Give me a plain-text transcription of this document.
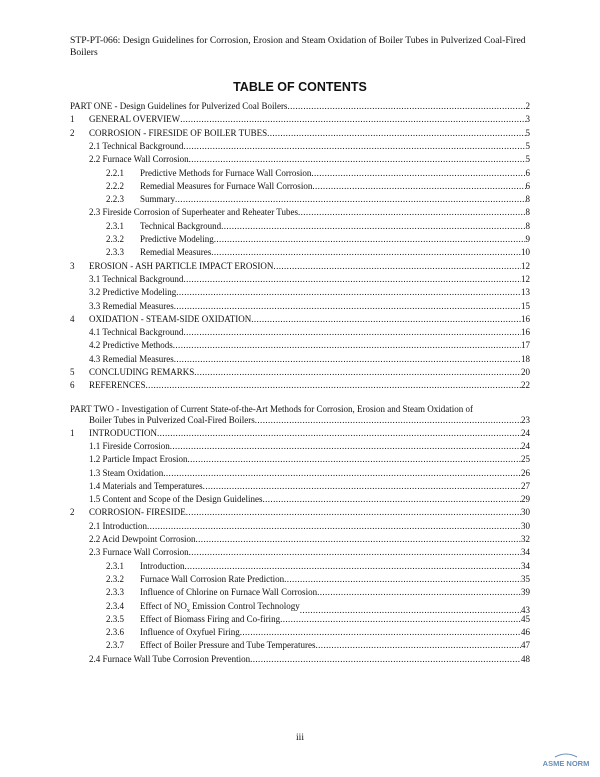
STP-PT-066: Design Guidelines for Corrosion, Erosion and Steam Oxidation of Boiler Tubes in Pulverized Coal-Fired Boilers
TABLE OF CONTENTS
PART ONE - Design Guidelines for Pulverized Coal Boilers .....	2
1 GENERAL OVERVIEW .....	3
2 CORROSION - FIRESIDE OF BOILER TUBES .....	5
2.1 Technical Background .....	5
2.2 Furnace Wall Corrosion .....	5
2.2.1 Predictive Methods for Furnace Wall Corrosion .....	6
2.2.2 Remedial Measures for Furnace Wall Corrosion .....	6
2.2.3 Summary .....	8
2.3 Fireside Corrosion of Superheater and Reheater Tubes .....	8
2.3.1 Technical Background .....	8
2.3.2 Predictive Modeling .....	9
2.3.3 Remedial Measures .....	10
3 EROSION - ASH PARTICLE IMPACT EROSION .....	12
3.1 Technical Background .....	12
3.2 Predictive Modeling .....	13
3.3 Remedial Measures .....	15
4 OXIDATION - STEAM-SIDE OXIDATION .....	16
4.1 Technical Background .....	16
4.2 Predictive Methods .....	17
4.3 Remedial Measures .....	18
5 CONCLUDING REMARKS .....	20
6 REFERENCES .....	22
PART TWO - Investigation of Current State-of-the-Art Methods for Corrosion, Erosion and Steam Oxidation of
Boiler Tubes in Pulverized Coal-Fired Boilers .....	23
1 INTRODUCTION .....	24
1.1 Fireside Corrosion .....	24
1.2 Particle Impact Erosion .....	25
1.3 Steam Oxidation .....	26
1.4 Materials and Temperatures .....	27
1.5 Content and Scope of the Design Guidelines .....	29
2 CORROSION- FIRESIDE .....	30
2.1 Introduction .....	30
2.2 Acid Dewpoint Corrosion .....	32
2.3 Furnace Wall Corrosion .....	34
2.3.1 Introduction .....	34
2.3.2 Furnace Wall Corrosion Rate Prediction .....	35
2.3.3 Influence of Chlorine on Furnace Wall Corrosion .....	39
2.3.4 Effect of $NO_x$ Emission Control Technology .....	43
2.3.5 Effect of Biomass Firing and Co-firing .....	45
2.3.6 Influence of Oxyfuel Firing .....	46
2.3.7 Effect of Boiler Pressure and Tube Temperatures .....	47
2.4 Furnace Wall Tube Corrosion Prevention .....	48
iii
ASME NORM
